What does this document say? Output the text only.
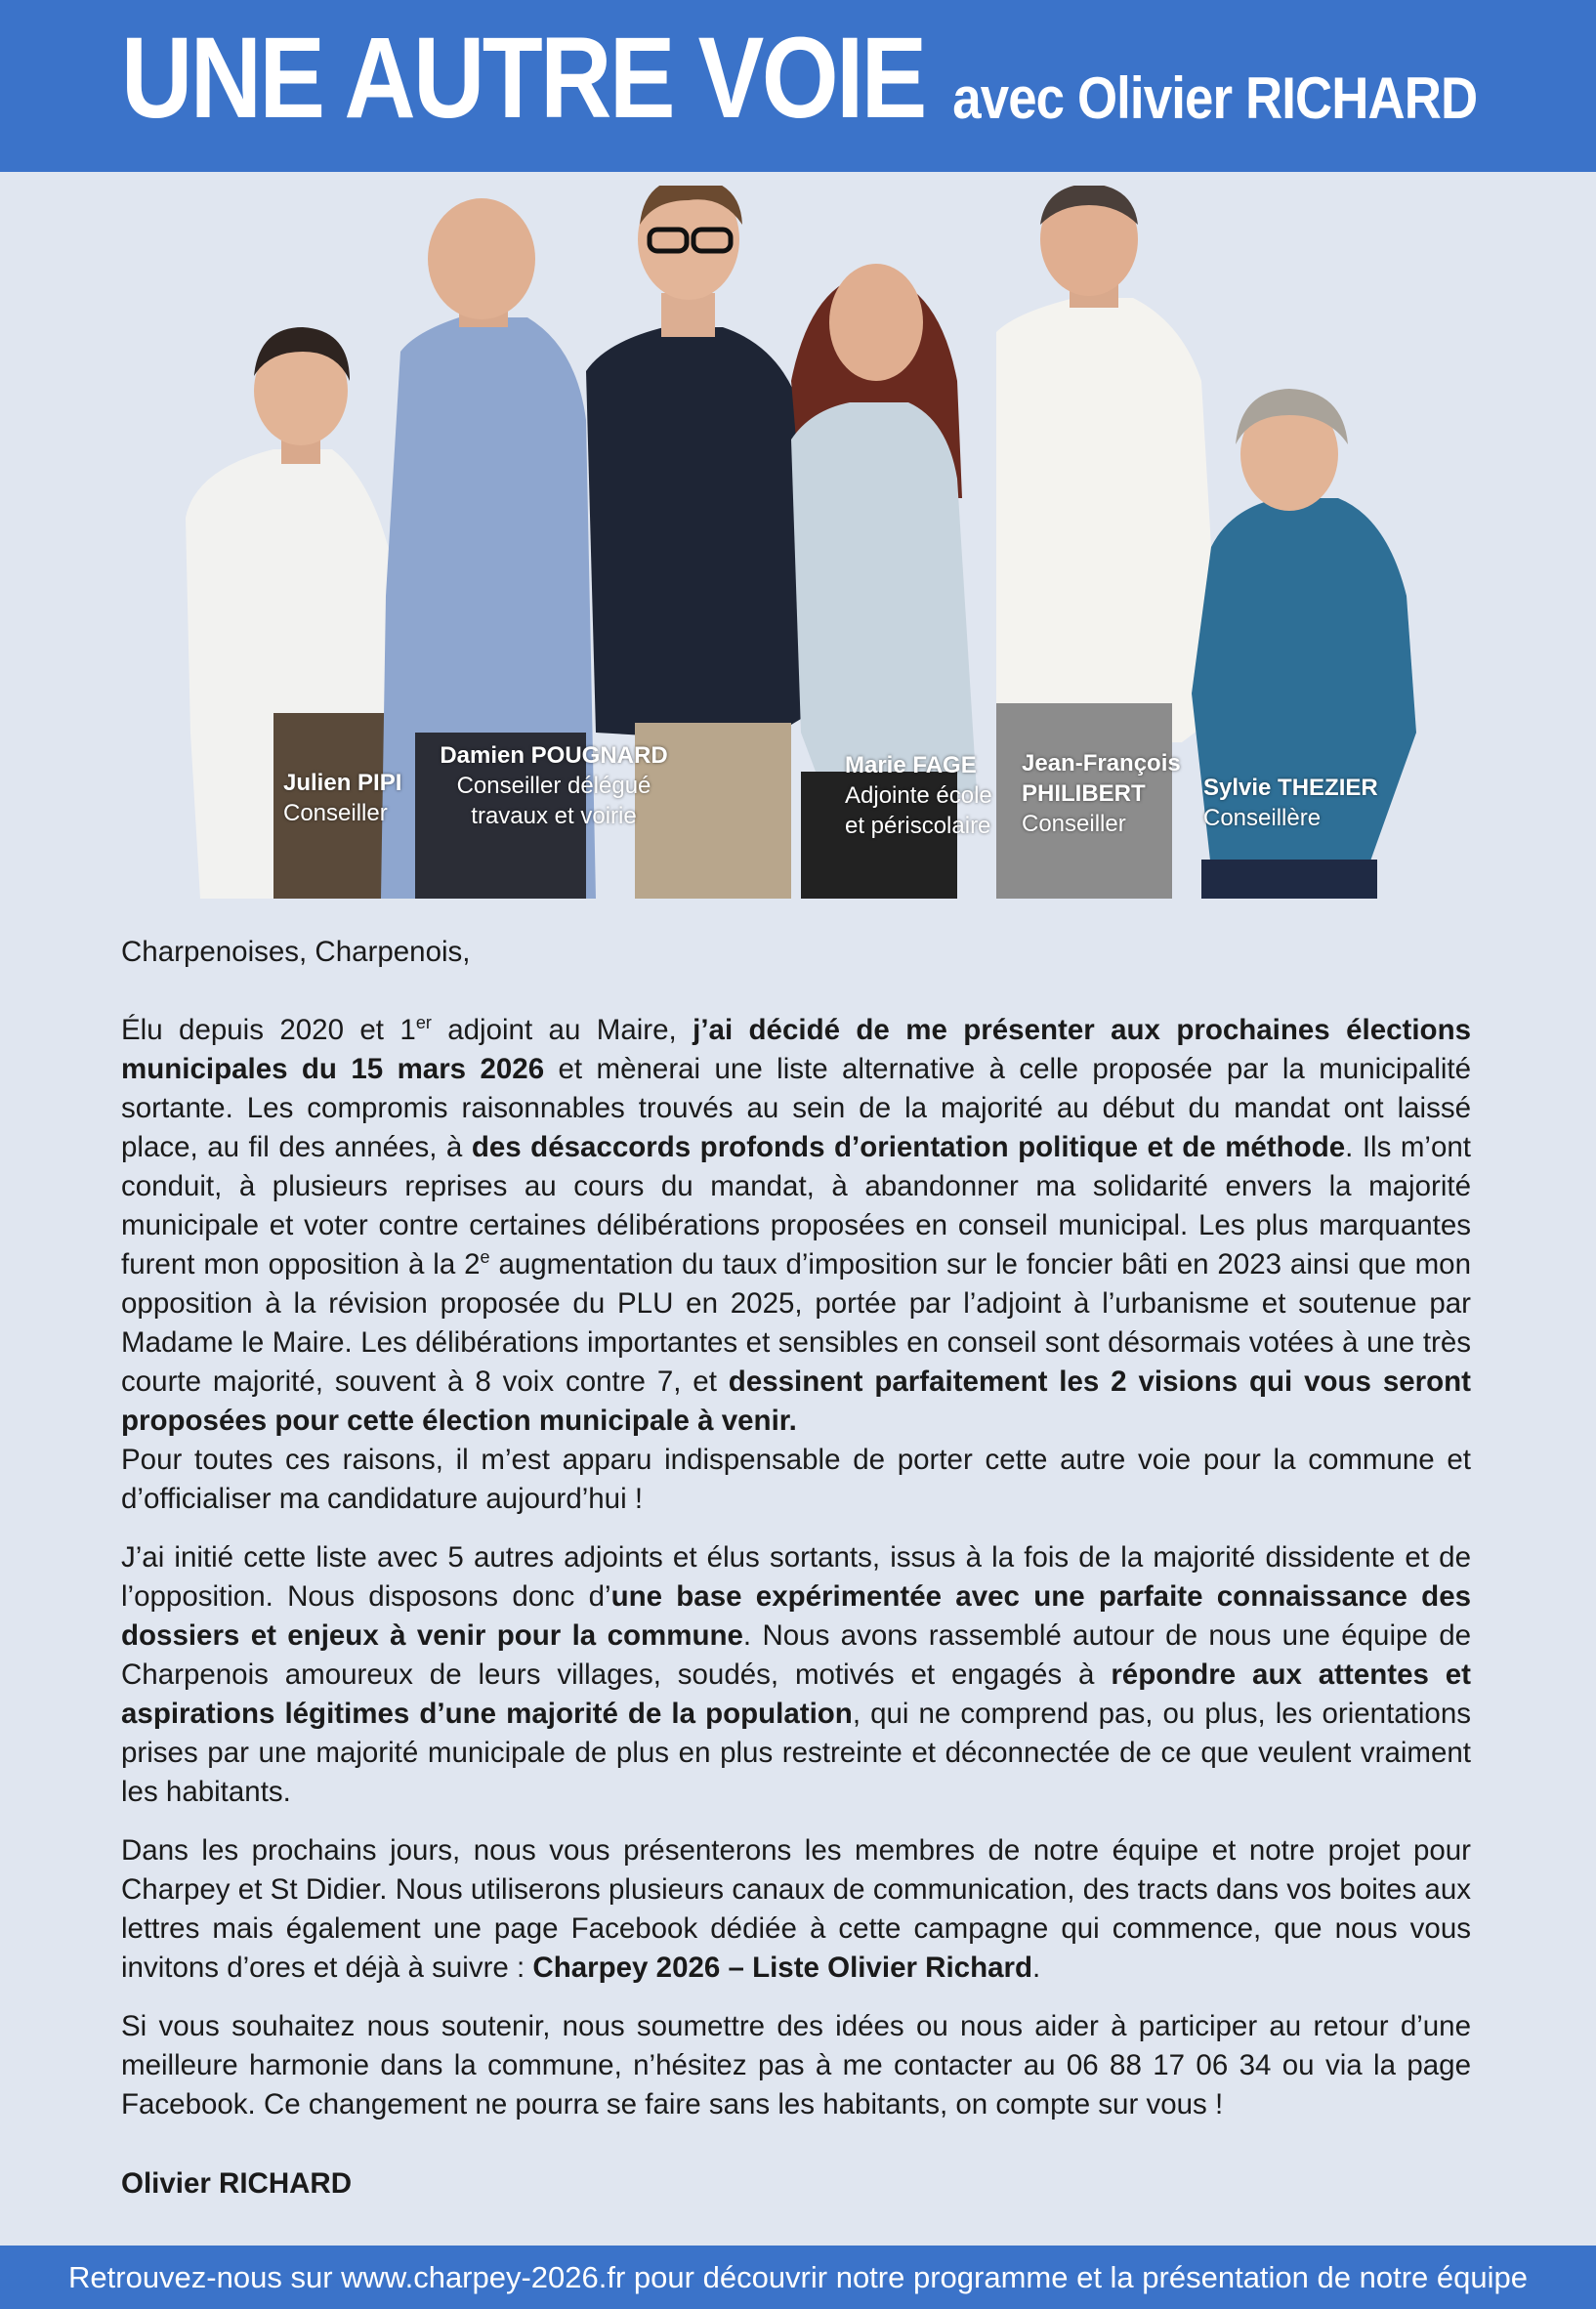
UNE AUTRE VOIE avec Olivier RICHARD
Julien PIPI
Conseiller
Damien POUGNARD
Conseiller délégué
travaux et voirie
Marie FAGE
Adjointe école
et périscolaire
Jean-François
PHILIBERT
Conseiller
Sylvie THEZIER
Conseillère

Charpenoises, Charpenois,

Élu depuis 2020 et 1er adjoint au Maire, j’ai décidé de me présenter aux prochaines élections municipales du 15 mars 2026 et mènerai une liste alternative à celle proposée par la municipalité sortante. Les compromis raisonnables trouvés au sein de la majorité au début du mandat ont laissé place, au fil des années, à des désaccords profonds d’orientation politique et de méthode. Ils m’ont conduit, à plusieurs reprises au cours du mandat, à abandonner ma solidarité envers la majorité municipale et voter contre certaines délibérations proposées en conseil municipal. Les plus marquantes furent mon opposition à la 2e augmentation du taux d’imposition sur le foncier bâti en 2023 ainsi que mon opposition à la révision proposée du PLU en 2025, portée par l’adjoint à l’urbanisme et soutenue par Madame le Maire. Les délibérations importantes et sensibles en conseil sont désormais votées à une très courte majorité, souvent à 8 voix contre 7, et dessinent parfaitement les 2 visions qui vous seront proposées pour cette élection municipale à venir.

Pour toutes ces raisons, il m’est apparu indispensable de porter cette autre voie pour la commune et d’officialiser ma candidature aujourd’hui !

J’ai initié cette liste avec 5 autres adjoints et élus sortants, issus à la fois de la majorité dissidente et de l’opposition. Nous disposons donc d’une base expérimentée avec une parfaite connaissance des dossiers et enjeux à venir pour la commune. Nous avons rassemblé autour de nous une équipe de Charpenois amoureux de leurs villages, soudés, motivés et engagés à répondre aux attentes et aspirations légitimes d’une majorité de la population, qui ne comprend pas, ou plus, les orientations prises par une majorité municipale de plus en plus restreinte et déconnectée de ce que veulent vraiment les habitants.

Dans les prochains jours, nous vous présenterons les membres de notre équipe et notre projet pour Charpey et St Didier. Nous utiliserons plusieurs canaux de communication, des tracts dans vos boites aux lettres mais également une page Facebook dédiée à cette campagne qui commence, que nous vous invitons d’ores et déjà à suivre : Charpey 2026 – Liste Olivier Richard.

Si vous souhaitez nous soutenir, nous soumettre des idées ou nous aider à participer au retour d’une meilleure harmonie dans la commune, n’hésitez pas à me contacter au 06 88 17 06 34 ou via la page Facebook. Ce changement ne pourra se faire sans les habitants, on compte sur vous !

Olivier RICHARD
Retrouvez-nous sur www.charpey-2026.fr pour découvrir notre programme et la présentation de notre équipe
